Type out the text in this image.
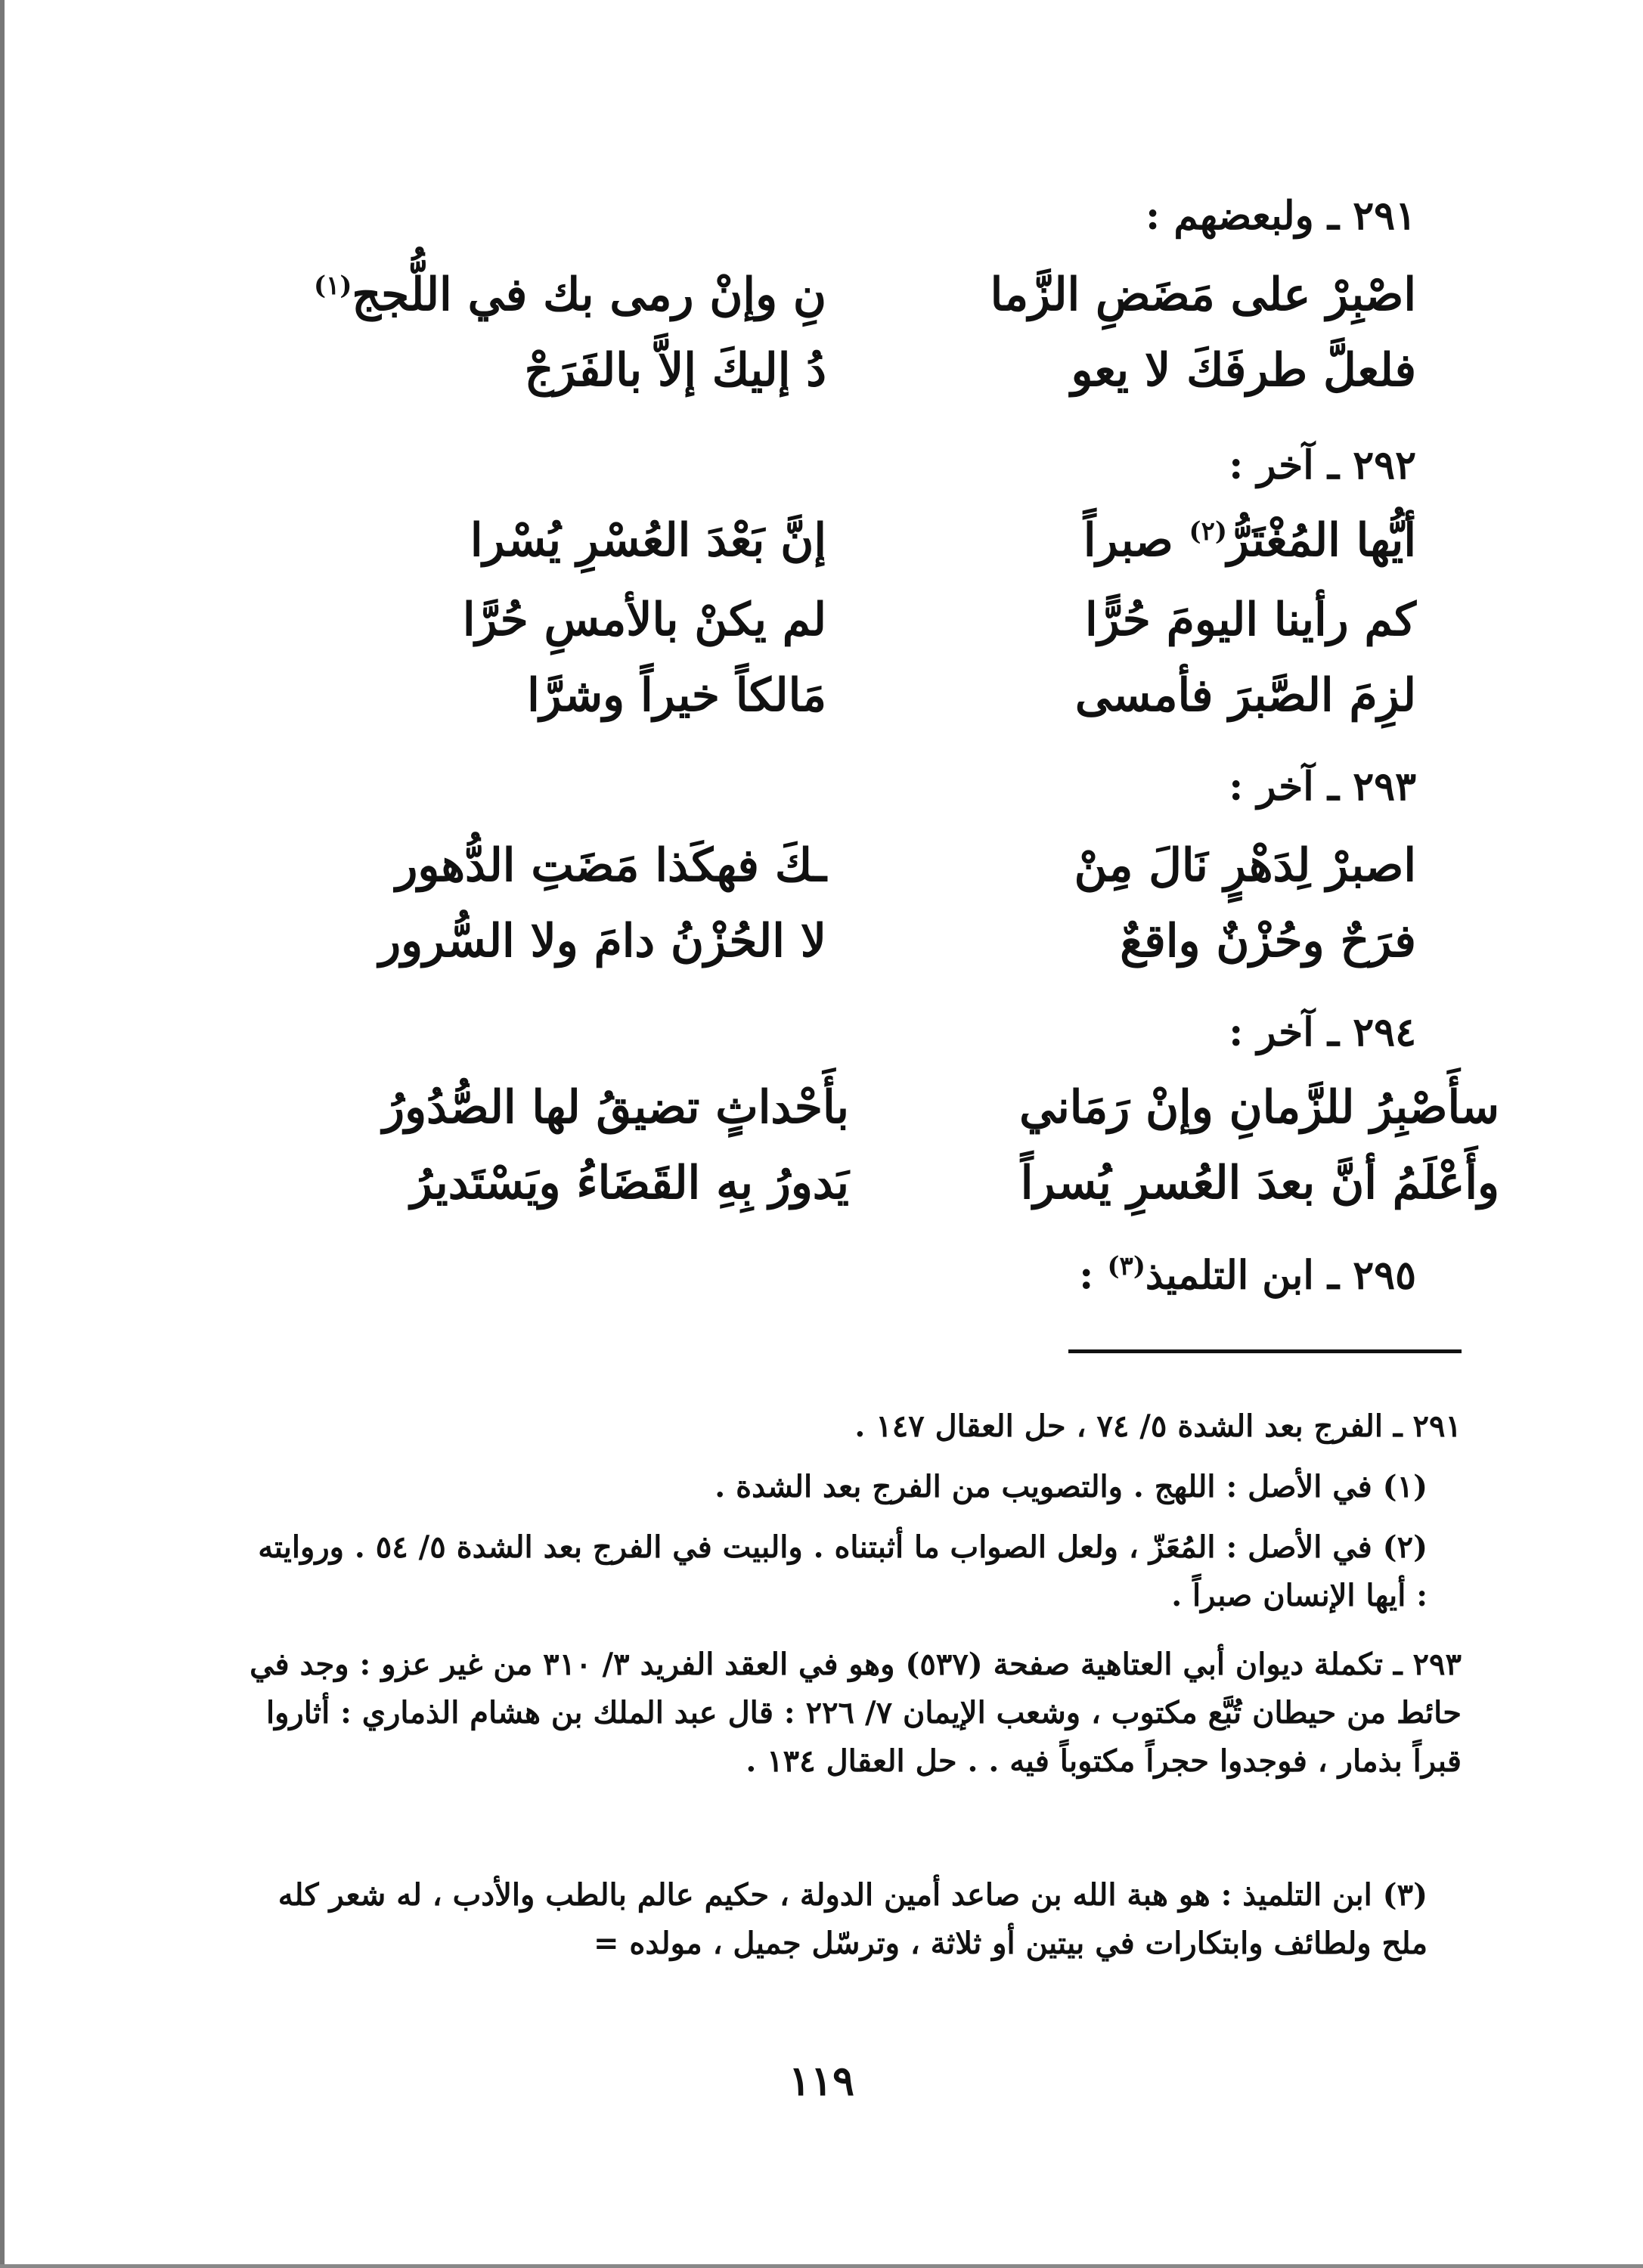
٢٩١ ـ ولبعضهم :
اصْبِرْ على مَضَضِ الزَّما
نِ وإنْ رمى بك في اللُّجج$^{(١)}$
فلعلَّ طرفَكَ لا يعو
دُ إليكَ إلاَّ بالفَرَجْ
٢٩٢ ـ آخر :
أيُّها المُغْتَرُّ$^{(٢)}$ صبراً
إنَّ بَعْدَ العُسْرِ يُسْرا
كم رأينا اليومَ حُرًّا
لم يكنْ بالأمسِ حُرَّا
لزِمَ الصَّبرَ فأمسى
مَالكاً خيراً وشرَّا
٢٩٣ ـ آخر :
اصبرْ لِدَهْرٍ نَالَ مِنْ
ـكَ فهكَذا مَضَتِ الدُّهور
فرَحٌ وحُزْنٌ واقعٌ
لا الحُزْنُ دامَ ولا السُّرور
٢٩٤ ـ آخر :
سأَصْبِرُ للزَّمانِ وإنْ رَمَاني
بأَحْداثٍ تضيقُ لها الصُّدُورُ
وأَعْلَمُ أنَّ بعدَ العُسرِ يُسراً
يَدورُ بِهِ القَضَاءُ ويَسْتَديرُ
٢٩٥ ـ ابن التلميذ$^{(٣)}$ :
٢٩١ ـ الفرج بعد الشدة ٥/ ٧٤ ، حل العقال ١٤٧ .
(١) في الأصل : اللهج . والتصويب من الفرج بعد الشدة .
(٢) في الأصل : المُعَزّ ، ولعل الصواب ما أثبتناه . والبيت في الفرج بعد الشدة ٥/ ٥٤ . وروايته : أيها الإنسان صبراً .
٢٩٣ ـ تكملة ديوان أبي العتاهية صفحة (٥٣٧) وهو في العقد الفريد ٣/ ٣١٠ من غير عزو : وجد في حائط من حيطان تُبَّع مكتوب ، وشعب الإيمان ٧/ ٢٢٦ : قال عبد الملك بن هشام الذماري : أثاروا قبراً بذمار ، فوجدوا حجراً مكتوباً فيه . . حل العقال ١٣٤ .
(٣) ابن التلميذ : هو هبة الله بن صاعد أمين الدولة ، حكيم عالم بالطب والأدب ، له شعر كله ملح ولطائف وابتكارات في بيتين أو ثلاثة ، وترسّل جميل ، مولده =
١١٩
